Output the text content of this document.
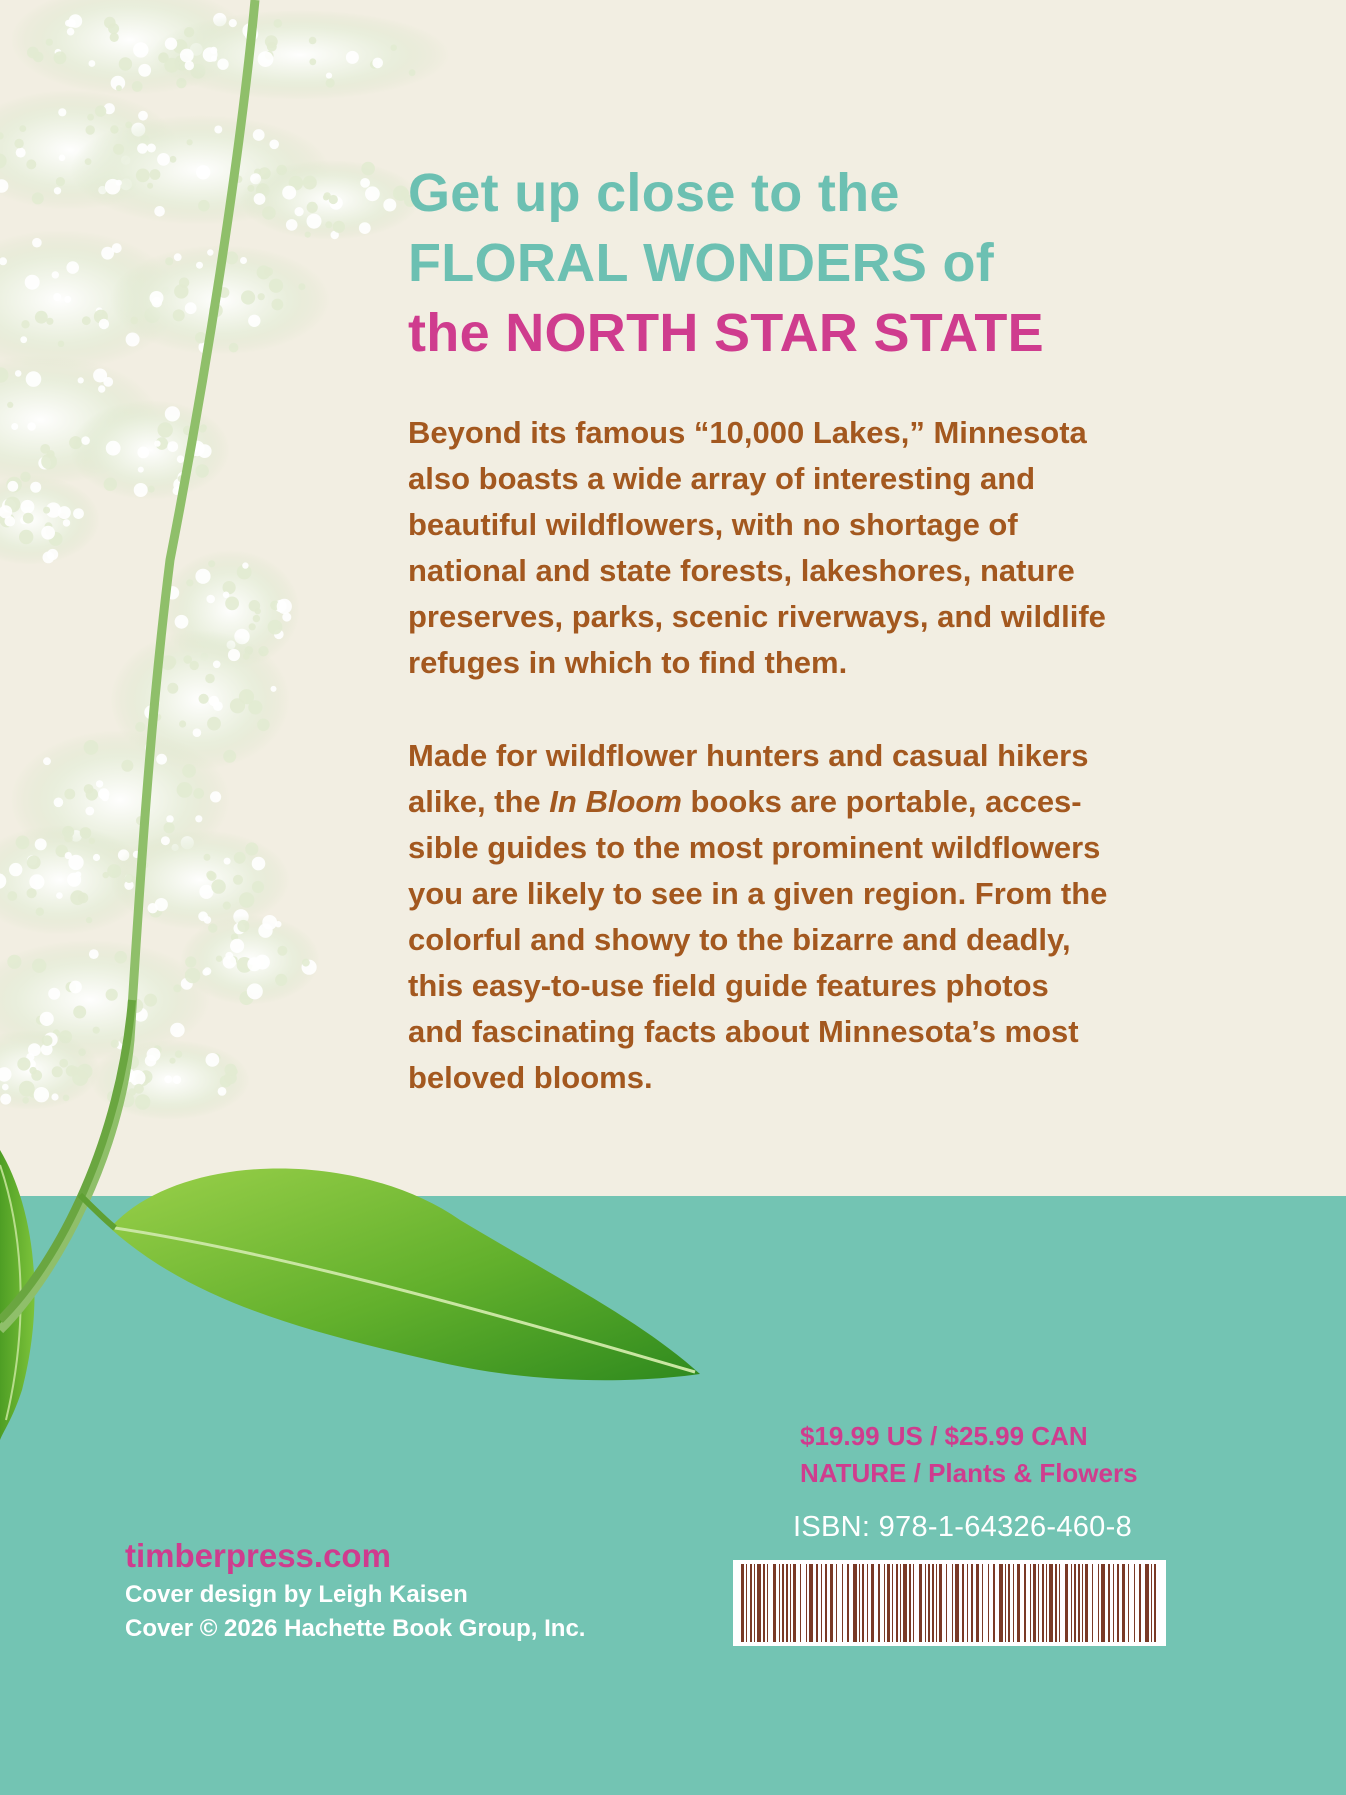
Get up close to the
FLORAL WONDERS of
the NORTH STAR STATE
Beyond its famous “10,000 Lakes,” Minnesota
also boasts a wide array of interesting and
beautiful wildflowers, with no shortage of
national and state forests, lakeshores, nature
preserves, parks, scenic riverways, and wildlife
refuges in which to find them.
Made for wildflower hunters and casual hikers
alike, the In Bloom books are portable, acces-
sible guides to the most prominent wildflowers
you are likely to see in a given region. From the
colorful and showy to the bizarre and deadly,
this easy-to-use field guide features photos
and fascinating facts about Minnesota’s most
beloved blooms.
$19.99 US / $25.99 CAN
NATURE / Plants & Flowers
ISBN: 978-1-64326-460-8
timberpress.com
Cover design by Leigh Kaisen
Cover © 2026 Hachette Book Group, Inc.
